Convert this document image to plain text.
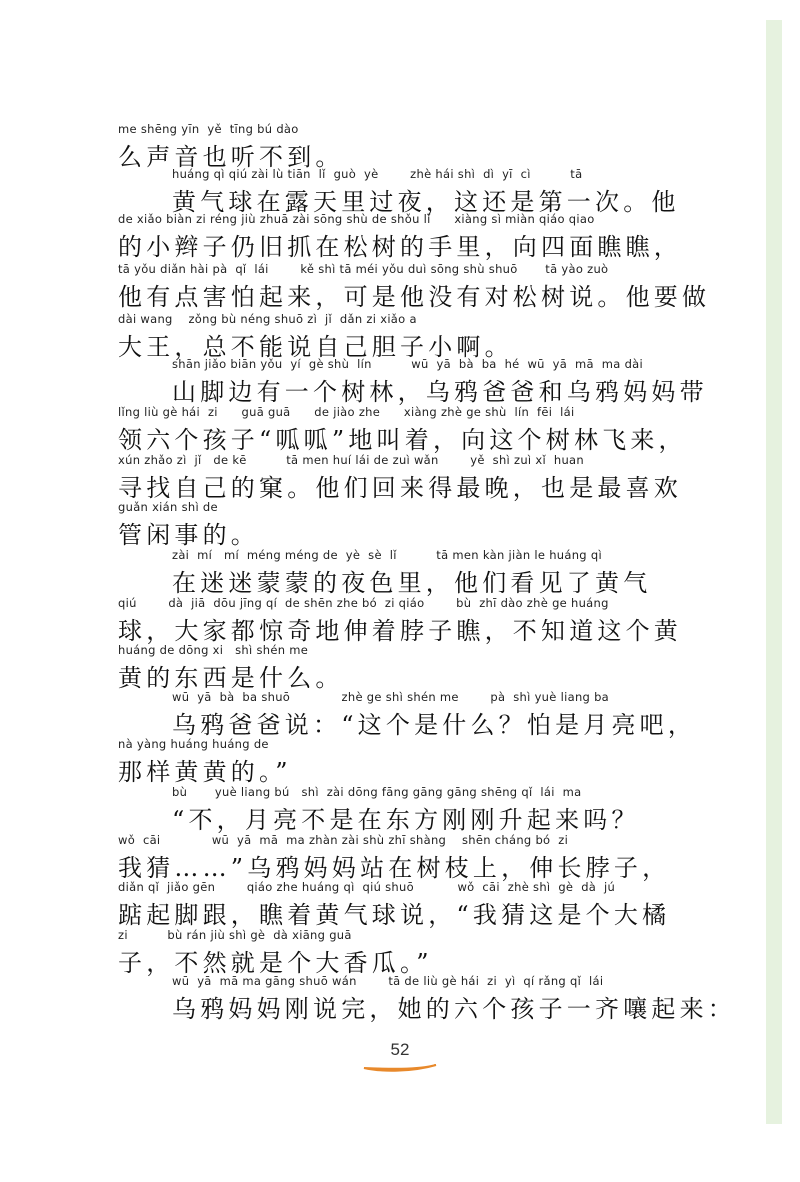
me shēng yīn  yě  tīng bú dào
么声音也听不到。
huáng qì qiú zài lù tiān  lǐ  guò  yè        zhè hái shì  dì  yī  cì          tā
黄气球在露天里过夜，这还是第一次。他
de xiǎo biàn zi réng jiù zhuā zài sōng shù de shǒu lǐ      xiàng sì miàn qiáo qiao
的小辫子仍旧抓在松树的手里，向四面瞧瞧，
tā yǒu diǎn hài pà  qǐ  lái        kě shì tā méi yǒu duì sōng shù shuō       tā yào zuò
他有点害怕起来，可是他没有对松树说。他要做
dài wang    zǒng bù néng shuō zì  jǐ  dǎn zi xiǎo a
大王，总不能说自己胆子小啊。
shān jiǎo biān yǒu  yí  gè shù  lín          wū  yā  bà  ba  hé  wū  yā  mā  ma dài
山脚边有一个树林，乌鸦爸爸和乌鸦妈妈带
lǐng liù gè hái  zi      guā guā      de jiào zhe      xiàng zhè ge shù  lín  fēi  lái
领六个孩子“呱呱”地叫着，向这个树林飞来，
xún zhǎo zì  jǐ   de kē          tā men huí lái de zuì wǎn        yě  shì zuì xǐ  huan
寻找自己的窠。他们回来得最晚，也是最喜欢
guǎn xián shì de
管闲事的。
zài  mí   mí  méng méng de  yè  sè  lǐ          tā men kàn jiàn le huáng qì
在迷迷蒙蒙的夜色里，他们看见了黄气
qiú        dà  jiā  dōu jīng qí  de shēn zhe bó  zi qiáo        bù  zhī dào zhè ge huáng
球，大家都惊奇地伸着脖子瞧，不知道这个黄
huáng de dōng xi   shì shén me
黄的东西是什么。
wū  yā  bà  ba shuō             zhè ge shì shén me        pà  shì yuè liang ba
乌鸦爸爸说：“这个是什么？怕是月亮吧，
nà yàng huáng huáng de
那样黄黄的。”
bù       yuè liang bú   shì  zài dōng fāng gāng gāng shēng qǐ  lái  ma
“不，月亮不是在东方刚刚升起来吗？
wǒ  cāi             wū  yā  mā  ma zhàn zài shù zhī shàng    shēn cháng bó  zi
我猜……”乌鸦妈妈站在树枝上，伸长脖子，
diǎn qǐ  jiǎo gēn        qiáo zhe huáng qì  qiú shuō           wǒ  cāi  zhè shì  gè  dà  jú
踮起脚跟，瞧着黄气球说，“我猜这是个大橘
zi          bù rán jiù shì gè  dà xiāng guā
子，不然就是个大香瓜。”
wū  yā  mā ma gāng shuō wán        tā de liù gè hái  zi  yì  qí rǎng qǐ  lái
乌鸦妈妈刚说完，她的六个孩子一齐嚷起来：
52
